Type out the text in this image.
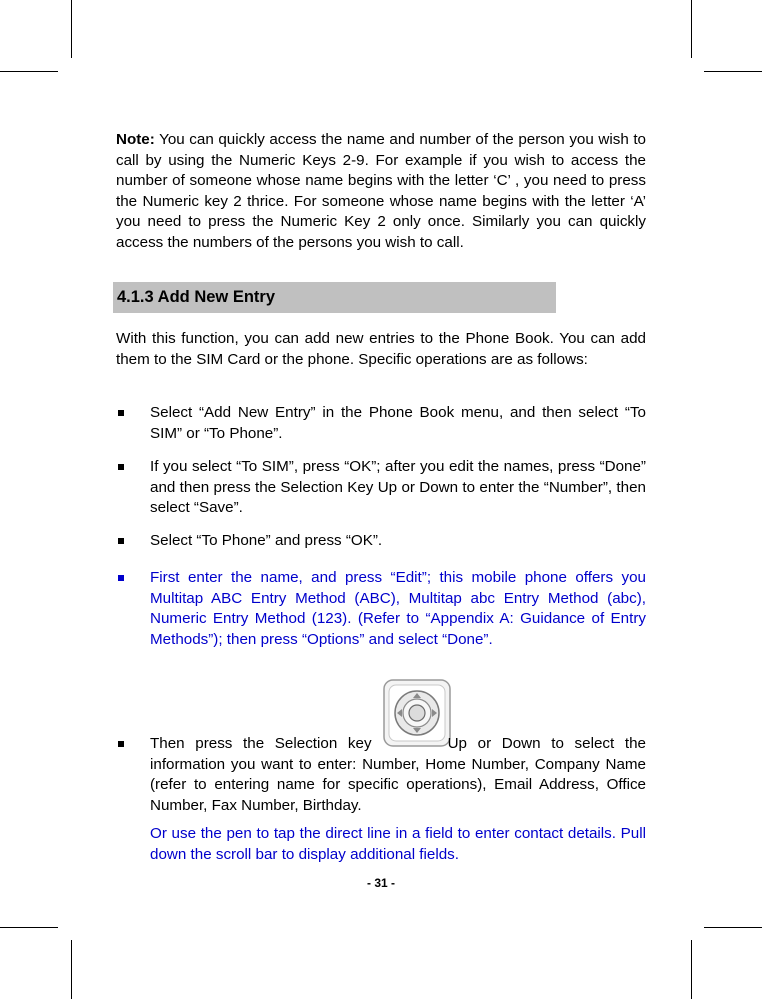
Note: You can quickly access the name and number of the person you wish to call by using the Numeric Keys 2-9. For example if you wish to access the number of someone whose name begins with the letter ‘C’ , you need to press the Numeric key 2 thrice. For someone whose name begins with the letter ‘A’ you need to press the Numeric Key 2 only once. Similarly you can quickly access the numbers of the persons you wish to call.
4.1.3 Add New Entry
With this function, you can add new entries to the Phone Book. You can add them to the SIM Card or the phone. Specific operations are as follows:
Select “Add New Entry” in the Phone Book menu, and then select “To SIM” or “To Phone”.
If you select “To SIM”, press “OK”; after you edit the names, press “Done” and then press the Selection Key Up or Down to enter the “Number”, then select “Save”.
Select “To Phone” and press “OK”.
First enter the name, and press “Edit”; this mobile phone offers you Multitap ABC Entry Method (ABC), Multitap abc Entry Method (abc), Numeric Entry Method (123). (Refer to “Appendix A: Guidance of Entry Methods”); then press “Options” and select “Done”.
Then press the Selection key	Up or Down to select the information you want to enter: Number, Home Number, Company Name (refer to entering name for specific operations), Email Address, Office Number, Fax Number, Birthday.
Or use the pen to tap the direct line in a field to enter contact details. Pull down the scroll bar to display additional fields.
- 31 -
